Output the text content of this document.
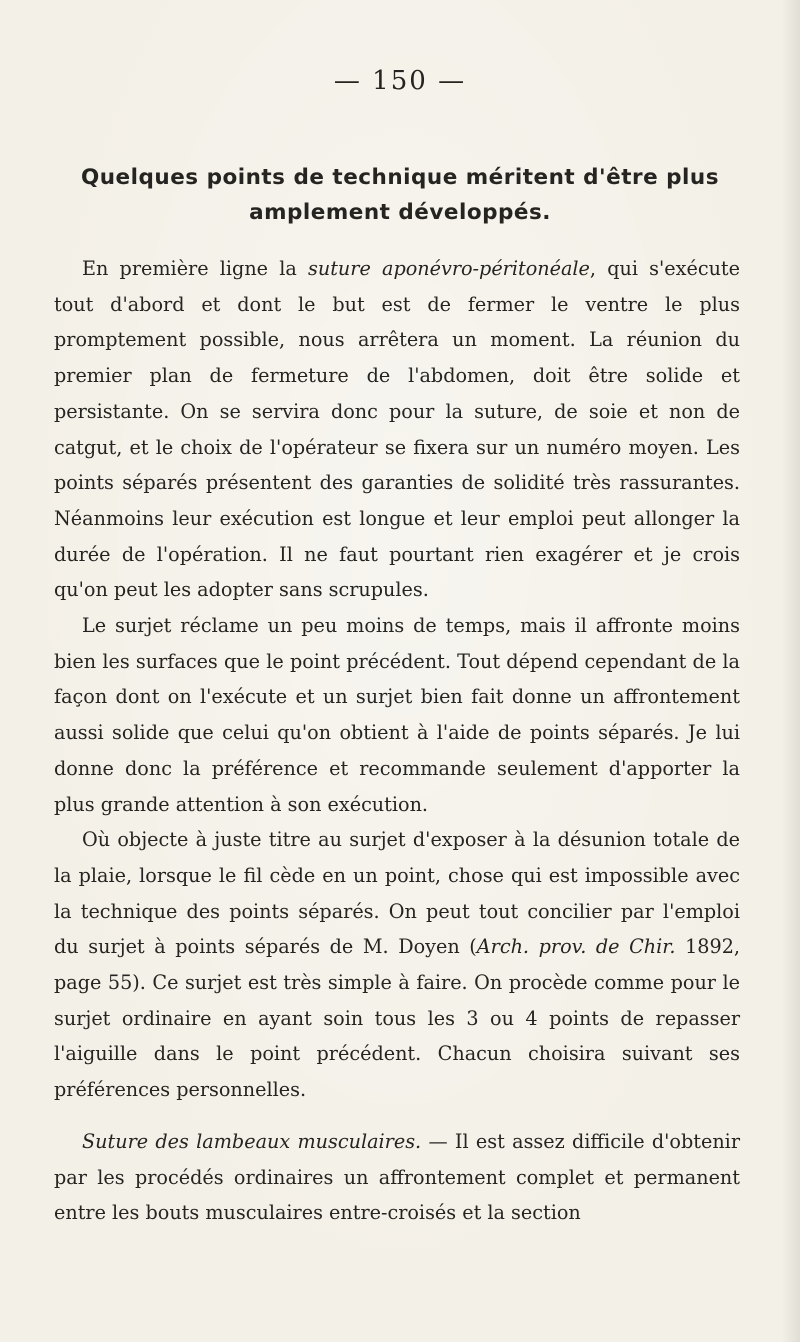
— 150 —
Quelques points de technique méritent d'être plus
amplement développés.

En première ligne la suture aponévro-péritonéale, qui s'exécute tout d'abord et dont le but est de fermer le ventre le plus promptement possible, nous arrêtera un moment. La réunion du premier plan de fermeture de l'abdomen, doit être solide et persistante. On se servira donc pour la suture, de soie et non de catgut, et le choix de l'opérateur se fixera sur un numéro moyen. Les points séparés présentent des garanties de solidité très rassurantes. Néanmoins leur exécution est longue et leur emploi peut allonger la durée de l'opération. Il ne faut pourtant rien exagérer et je crois qu'on peut les adopter sans scrupules.

Le surjet réclame un peu moins de temps, mais il affronte moins bien les surfaces que le point précédent. Tout dépend cependant de la façon dont on l'exécute et un surjet bien fait donne un affrontement aussi solide que celui qu'on obtient à l'aide de points séparés. Je lui donne donc la préférence et recommande seulement d'apporter la plus grande attention à son exécution.

Où objecte à juste titre au surjet d'exposer à la désunion totale de la plaie, lorsque le fil cède en un point, chose qui est impossible avec la technique des points séparés. On peut tout concilier par l'emploi du surjet à points séparés de M. Doyen (Arch. prov. de Chir. 1892, page 55). Ce surjet est très simple à faire. On procède comme pour le surjet ordinaire en ayant soin tous les 3 ou 4 points de repasser l'aiguille dans le point précédent. Chacun choisira suivant ses préférences personnelles.

Suture des lambeaux musculaires. — Il est assez difficile d'obtenir par les procédés ordinaires un affrontement complet et permanent entre les bouts musculaires entre-croisés et la section
